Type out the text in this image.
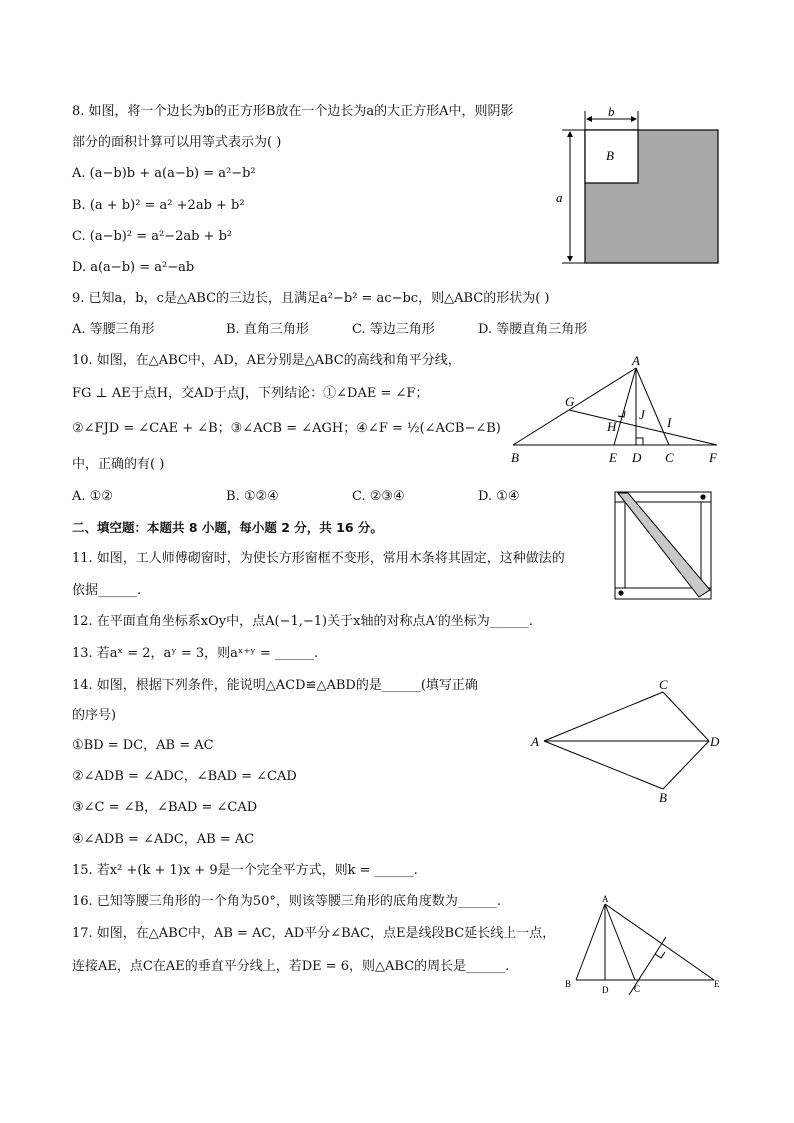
8. 如图，将一个边长为b的正方形B放在一个边长为a的大正方形A中，则阴影
部分的面积计算可以用等式表示为( )
A. (a−b)b + a(a−b) = a²−b²
B. (a + b)² = a² +2ab + b²
C. (a−b)² = a²−2ab + b²
D. a(a−b) = a²−ab
b
B
a
9. 已知a，b，c是△ABC的三边长，且满足a²−b² = ac−bc，则△ABC的形状为( )
A. 等腰三角形	B. 直角三角形	C. 等边三角形	D. 等腰直角三角形
10. 如图，在△ABC中，AD，AE分别是△ABC的高线和角平分线，
FG ⊥ AE于点H，交AD于点J，下列结论：①∠DAE = ∠F；
②∠FJD = ∠CAE + ∠B；③∠ACB = ∠AGH；④∠F = ½(∠ACB−∠B)
中，正确的有( )
A. ①②	B. ①②④	C. ②③④	D. ①④
A
G
J
I
H
B	E D C	F
二、填空题：本题共 8 小题，每小题 2 分，共 16 分。
11. 如图，工人师傅砌窗时，为使长方形窗框不变形，常用木条将其固定，这种做法的
依据______.
12. 在平面直角坐标系xOy中，点A(−1,−1)关于x轴的对称点A′的坐标为______.
13. 若aˣ = 2，aʸ = 3，则aˣ⁺ʸ = ______.
14. 如图，根据下列条件，能说明△ACD≌△ABD的是______(填写正确
的序号)
①BD = DC，AB = AC
②∠ADB = ∠ADC，∠BAD = ∠CAD
③∠C = ∠B，∠BAD = ∠CAD
④∠ADB = ∠ADC，AB = AC
C
A	D
B
15. 若x² +(k + 1)x + 9是一个完全平方式，则k = ______.
16. 已知等腰三角形的一个角为50°，则该等腰三角形的底角度数为______.
17. 如图，在△ABC中，AB = AC，AD平分∠BAC，点E是线段BC延长线上一点，
连接AE，点C在AE的垂直平分线上，若DE = 6，则△ABC的周长是______.
A
B
D	C	E
